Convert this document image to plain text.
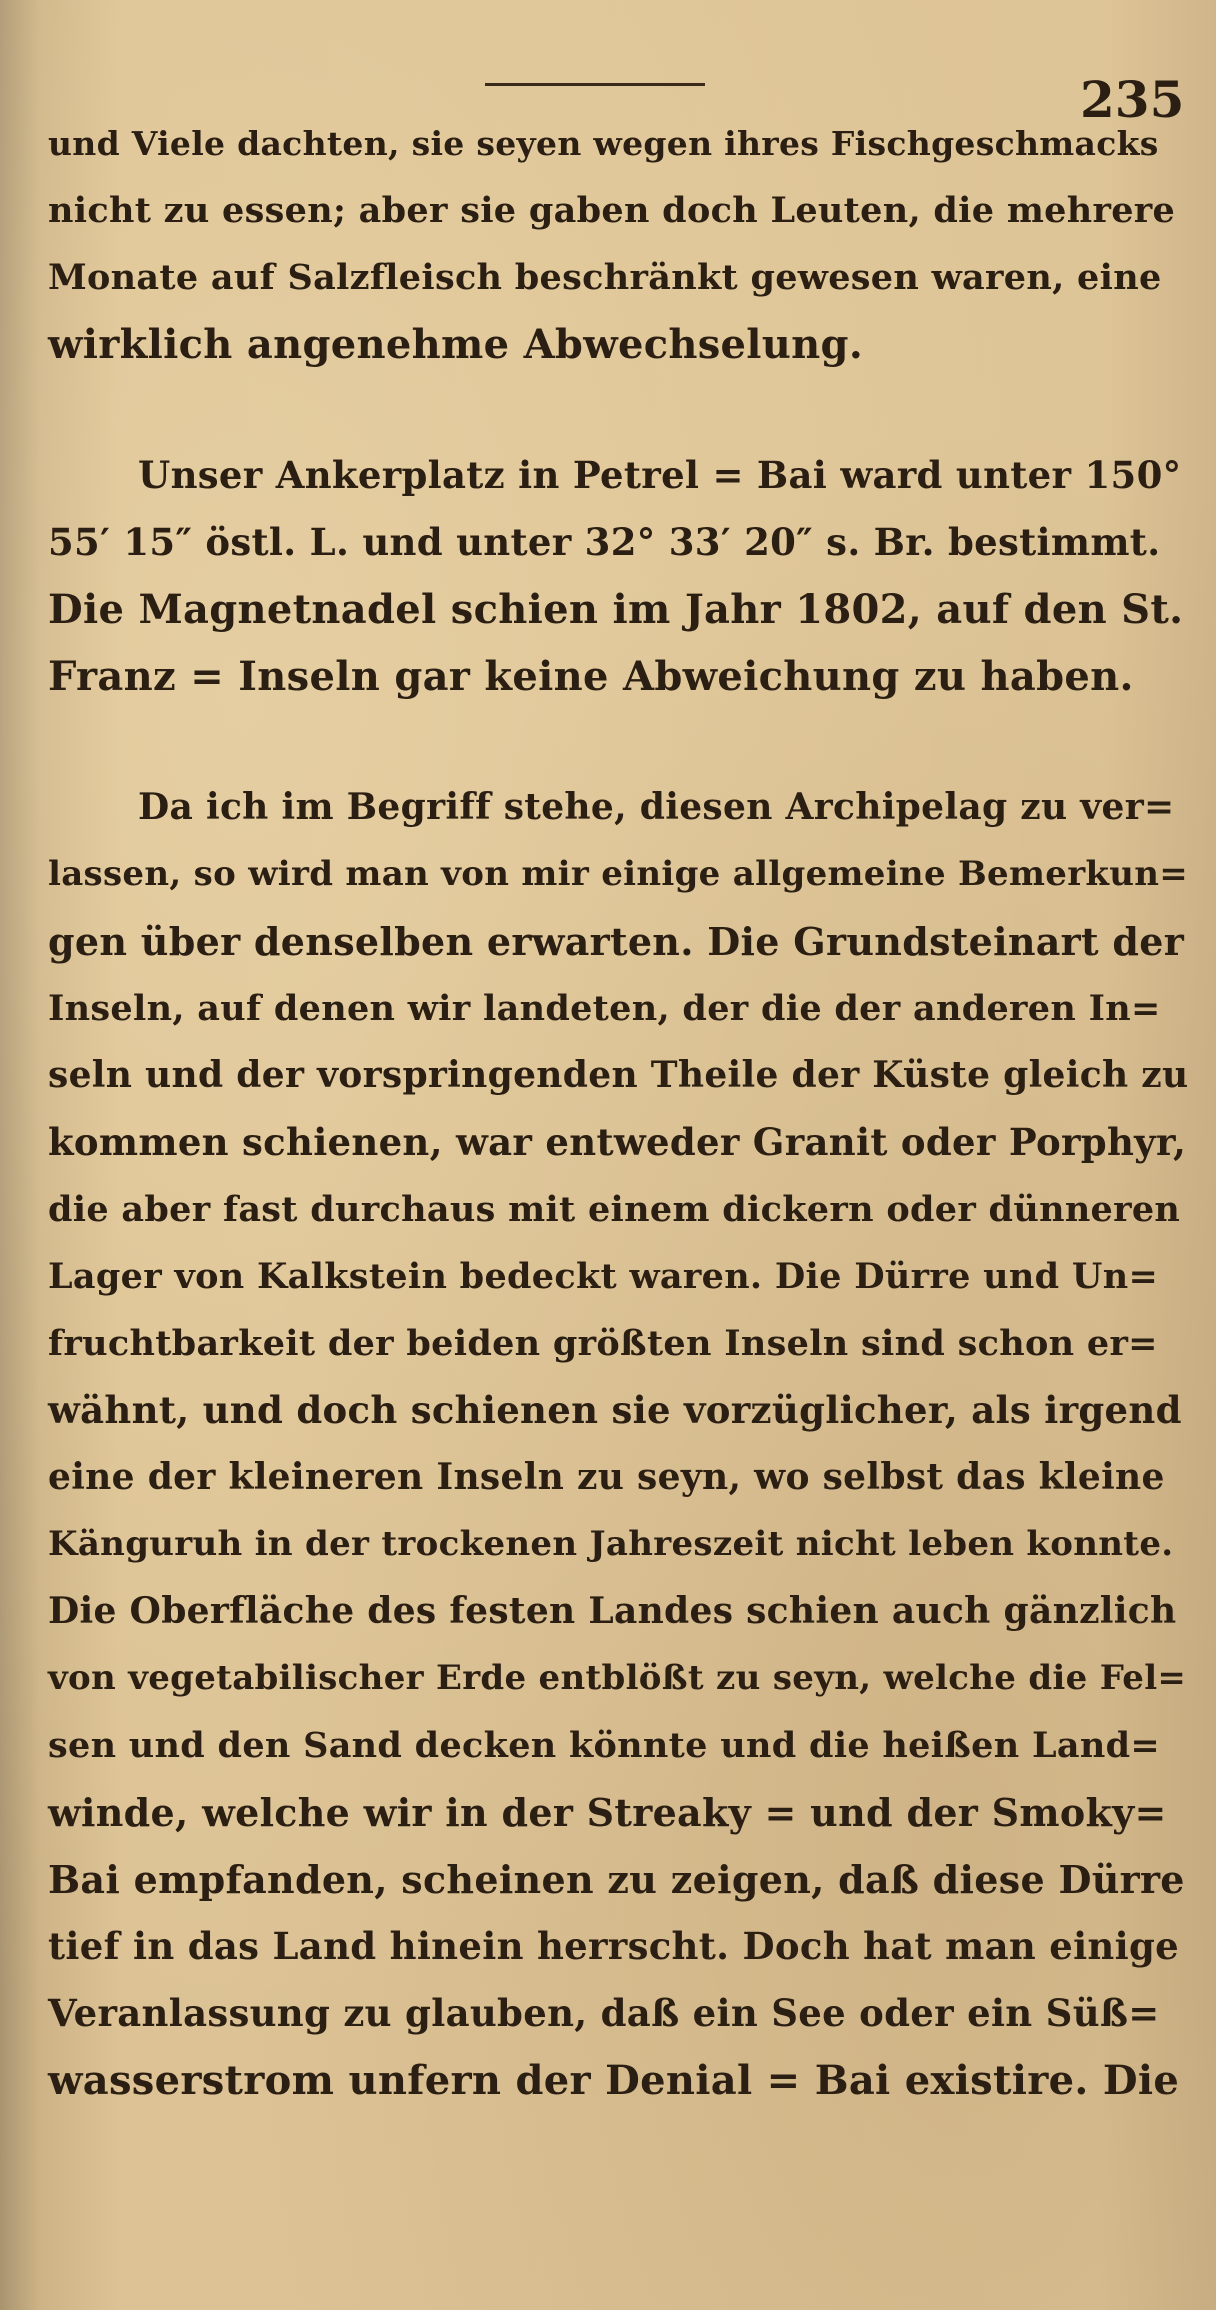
235
und Viele dachten, sie seyen wegen ihres Fischgeschmacks
nicht zu essen; aber sie gaben doch Leuten, die mehrere
Monate auf Salzfleisch beschränkt gewesen waren, eine
wirklich angenehme Abwechselung.
Unser Ankerplatz in Petrel = Bai ward unter 150°
55′ 15″ östl. L. und unter 32° 33′ 20″ s. Br. bestimmt.
Die Magnetnadel schien im Jahr 1802, auf den St.
Franz = Inseln gar keine Abweichung zu haben.
Da ich im Begriff stehe, diesen Archipelag zu ver=
lassen, so wird man von mir einige allgemeine Bemerkun=
gen über denselben erwarten. Die Grundsteinart der
Inseln, auf denen wir landeten, der die der anderen In=
seln und der vorspringenden Theile der Küste gleich zu
kommen schienen, war entweder Granit oder Porphyr,
die aber fast durchaus mit einem dickern oder dünneren
Lager von Kalkstein bedeckt waren. Die Dürre und Un=
fruchtbarkeit der beiden größten Inseln sind schon er=
wähnt, und doch schienen sie vorzüglicher, als irgend
eine der kleineren Inseln zu seyn, wo selbst das kleine
Känguruh in der trockenen Jahreszeit nicht leben konnte.
Die Oberfläche des festen Landes schien auch gänzlich
von vegetabilischer Erde entblößt zu seyn, welche die Fel=
sen und den Sand decken könnte und die heißen Land=
winde, welche wir in der Streaky = und der Smoky=
Bai empfanden, scheinen zu zeigen, daß diese Dürre
tief in das Land hinein herrscht. Doch hat man einige
Veranlassung zu glauben, daß ein See oder ein Süß=
wasserstrom unfern der Denial = Bai existire. Die
